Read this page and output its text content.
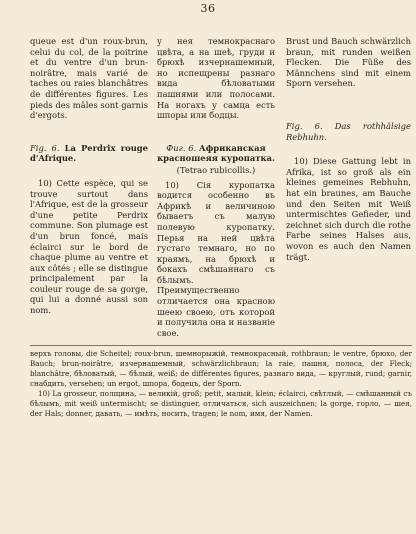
36
queue est d'un roux-brun, celui du col, de la poitrine et du ventre d'un brun-noirâtre, mais varié de taches ou raies blanchâtres de différentes figures. Les pieds des mâles sont garnis d'ergots.
Fig. 6. La Perdrix rouge d'Afrique.

10) Cette espèce, qui se trouve surtout dans l'Afrique, est de la grosseur d'une petite Perdrix commune. Son plumage est d'un brun foncé, mais éclairci sur le bord de chaque plume au ventre et aux côtés ; elle se distingue principalement par la couleur rouge de sa gorge, qui lui a donné aussi son nom.

у нея темнокраснаго цвѣта, а на шеѣ, груди и брюхѣ изчернашемный, но испещрены разнаго вида бѣловатыми пашнями или полосами. На ногахъ у самца есть шпоры или бодцы.
Фиг. 6. Африканская красношеяя куропатка.
(Tetrao rubicollis.)

10) Сія куропатка водится особенно въ Африкѣ и величиною бываетъ съ малую полевую куропатку. Перья на ней цвѣта густаго темнаго, но по краямъ, на брюхѣ и бокахъ смѣшаннаго съ бѣлымъ. Преимущественно отличается она красною шеею своею, отъ которой и получила она и названіе свое.

Brust und Bauch schwärzlich braun, mit runden weißen Flecken. Die Füße des Männchens sind mit einem Sporn versehen.
Fig. 6. Das rothhälsige Rebhuhn.

10) Diese Gattung lebt in Afrika, ist so groß als ein kleines gemeines Rebhuhn, hat ein braunes, am Bauche und den Seiten mit Weiß untermischtes Gefieder, und zeichnet sich durch die rothe Farbe seines Halses aus, wovon es auch den Namen trägt.

верхъ головы, die Scheitel; roux-brun, шемнорыжій, темнокрасный, rothbraun; le ventre, брюхо, der Bauch; brun-noirâtre, изчернашемный, schwärzlichbraun; la raie, пашня, полоса, der Fleck; blanchâtre, бѣловатый, — бѣлый, weiß; de différentes figures, разнаго вида, — круглый, rund; garnir, снабдить, versehen; un ergot, шпора, бодецъ, der Sporn.

10) La grosseur, полщина, — великій, groß; petit, малый, klein; éclairci, свѣтлый, — смѣшанный съ бѣлымъ, mit weiß untermischt; se distinguer, отличаться, sich auszeichnen; la gorge, горло, — шея, der Hals; donner, давать, — имѣть, носить, tragen; le nom, имя, der Namen.
